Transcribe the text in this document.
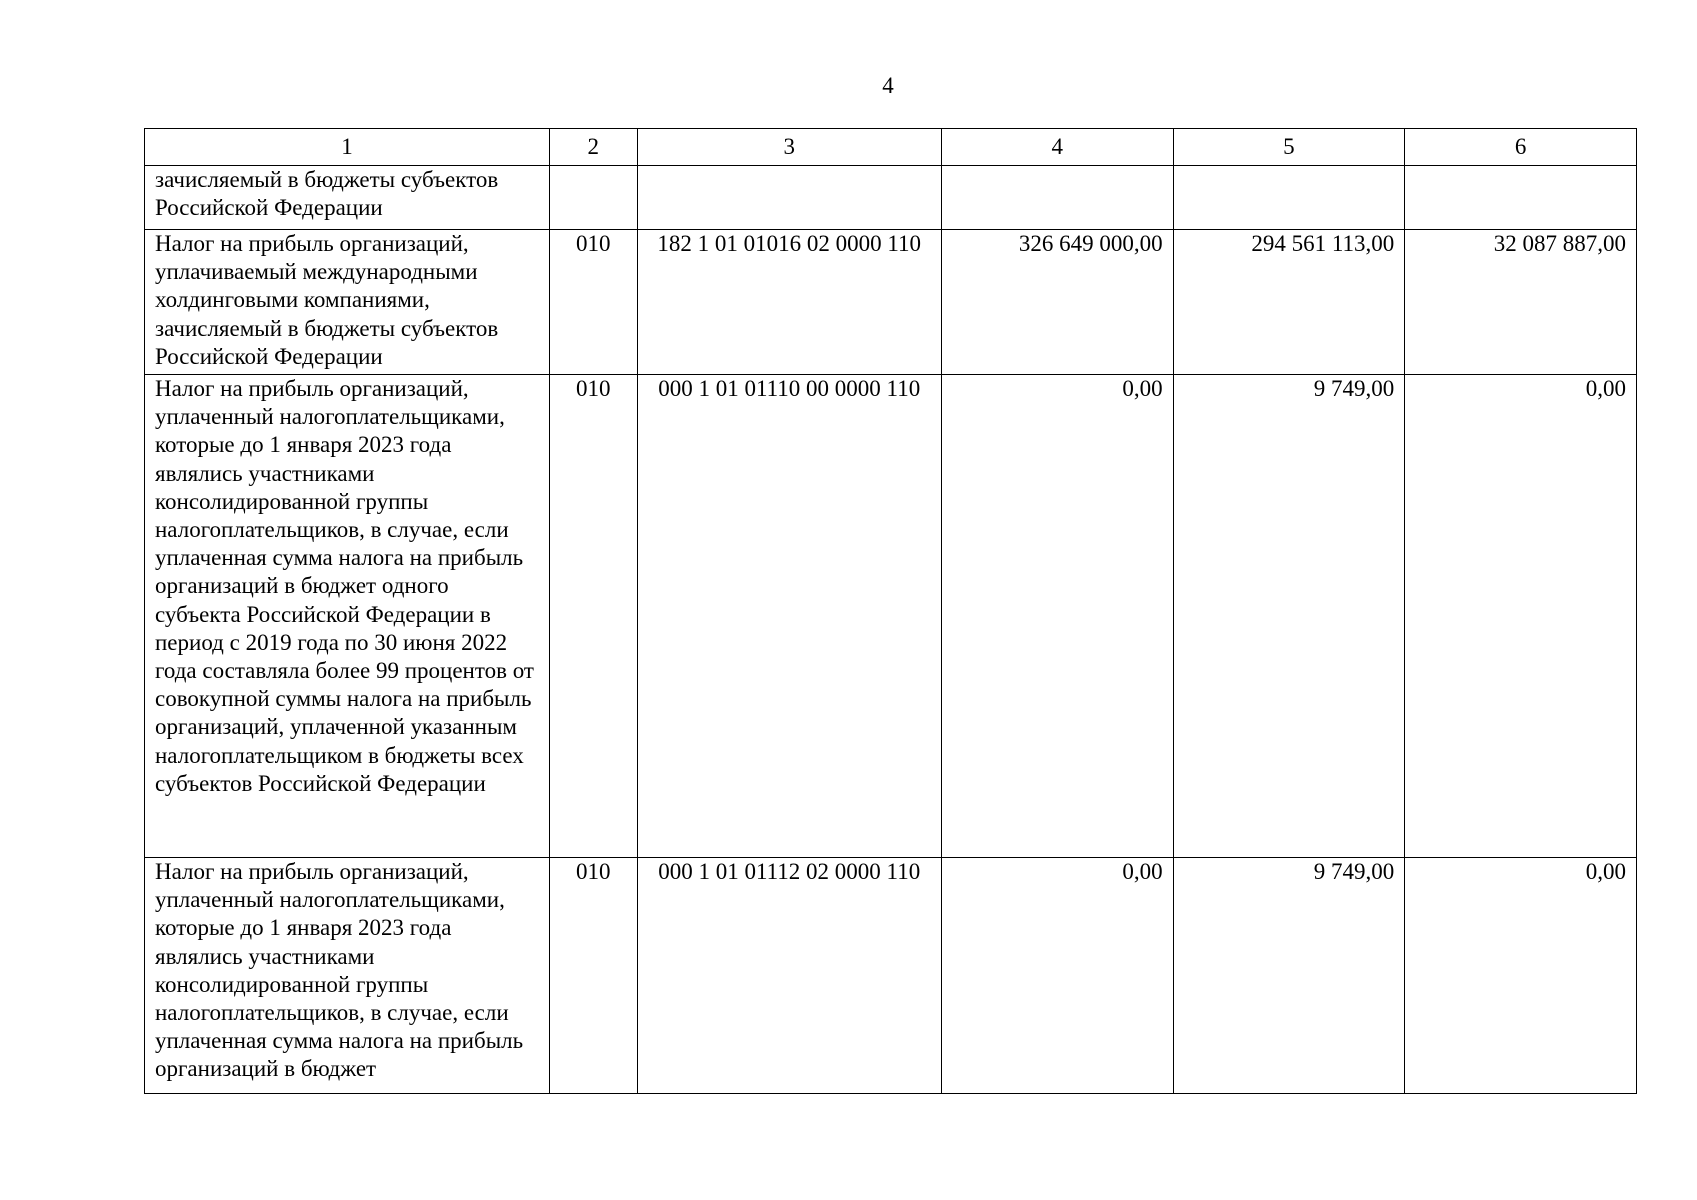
4
1	2	3	4	5	6
зачисляемый в бюджеты субъектов Российской Федерации					
Налог на прибыль организаций, уплачиваемый международными холдинговыми компаниями, зачисляемый в бюджеты субъектов Российской Федерации	010	182 1 01 01016 02 0000 110	326 649 000,00	294 561 113,00	32 087 887,00
Налог на прибыль организаций, уплаченный налогоплательщиками, которые до 1 января 2023 года являлись участниками консолидированной группы налогоплательщиков, в случае, если уплаченная сумма налога на прибыль организаций в бюджет одного субъекта Российской Федерации в период с 2019 года по 30 июня 2022 года составляла более 99 процентов от совокупной суммы налога на прибыль организаций, уплаченной указанным налогоплательщиком в бюджеты всех субъектов Российской Федерации	010	000 1 01 01110 00 0000 110	0,00	9 749,00	0,00
Налог на прибыль организаций, уплаченный налогоплательщиками, которые до 1 января 2023 года являлись участниками консолидированной группы налогоплательщиков, в случае, если уплаченная сумма налога на прибыль организаций в бюджет	010	000 1 01 01112 02 0000 110	0,00	9 749,00	0,00
